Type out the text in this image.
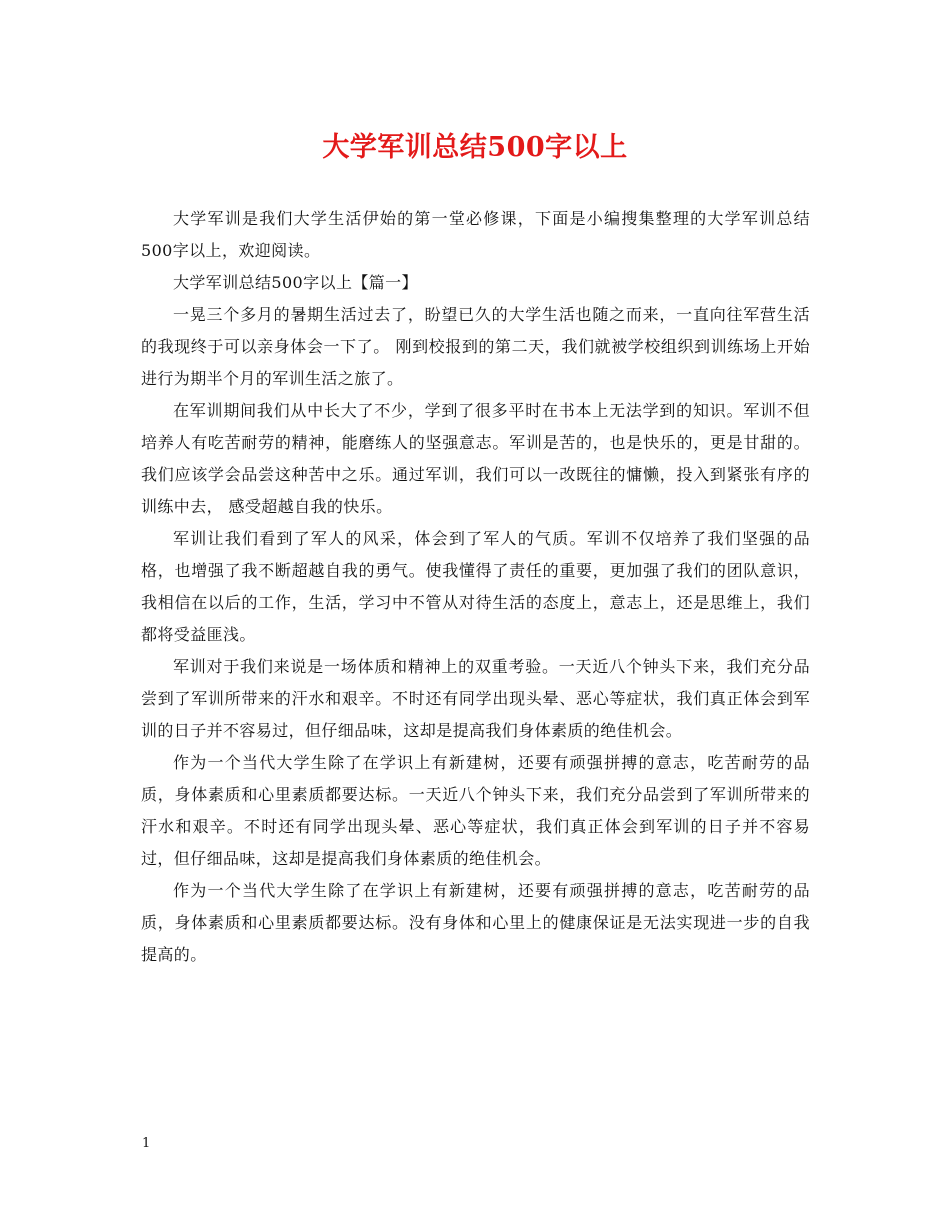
大学军训总结500字以上

大学军训是我们大学生活伊始的第一堂必修课，下面是小编搜集整理的大学军训总结500字以上，欢迎阅读。

大学军训总结500字以上【篇一】

一晃三个多月的暑期生活过去了，盼望已久的大学生活也随之而来，一直向往军营生活的我现终于可以亲身体会一下了。 刚到校报到的第二天，我们就被学校组织到训练场上开始进行为期半个月的军训生活之旅了。

在军训期间我们从中长大了不少，学到了很多平时在书本上无法学到的知识。军训不但培养人有吃苦耐劳的精神，能磨练人的坚强意志。军训是苦的，也是快乐的，更是甘甜的。我们应该学会品尝这种苦中之乐。通过军训，我们可以一改既往的慵懒，投入到紧张有序的训练中去， 感受超越自我的快乐。

军训让我们看到了军人的风采，体会到了军人的气质。军训不仅培养了我们坚强的品格，也增强了我不断超越自我的勇气。使我懂得了责任的重要，更加强了我们的团队意识，我相信在以后的工作，生活，学习中不管从对待生活的态度上，意志上，还是思维上，我们都将受益匪浅。

军训对于我们来说是一场体质和精神上的双重考验。一天近八个钟头下来，我们充分品尝到了军训所带来的汗水和艰辛。不时还有同学出现头晕、恶心等症状，我们真正体会到军训的日子并不容易过，但仔细品味，这却是提高我们身体素质的绝佳机会。

作为一个当代大学生除了在学识上有新建树，还要有顽强拼搏的意志，吃苦耐劳的品质，身体素质和心里素质都要达标。一天近八个钟头下来，我们充分品尝到了军训所带来的汗水和艰辛。不时还有同学出现头晕、恶心等症状，我们真正体会到军训的日子并不容易过，但仔细品味，这却是提高我们身体素质的绝佳机会。

作为一个当代大学生除了在学识上有新建树，还要有顽强拼搏的意志，吃苦耐劳的品质，身体素质和心里素质都要达标。没有身体和心里上的健康保证是无法实现进一步的自我提高的。

1
